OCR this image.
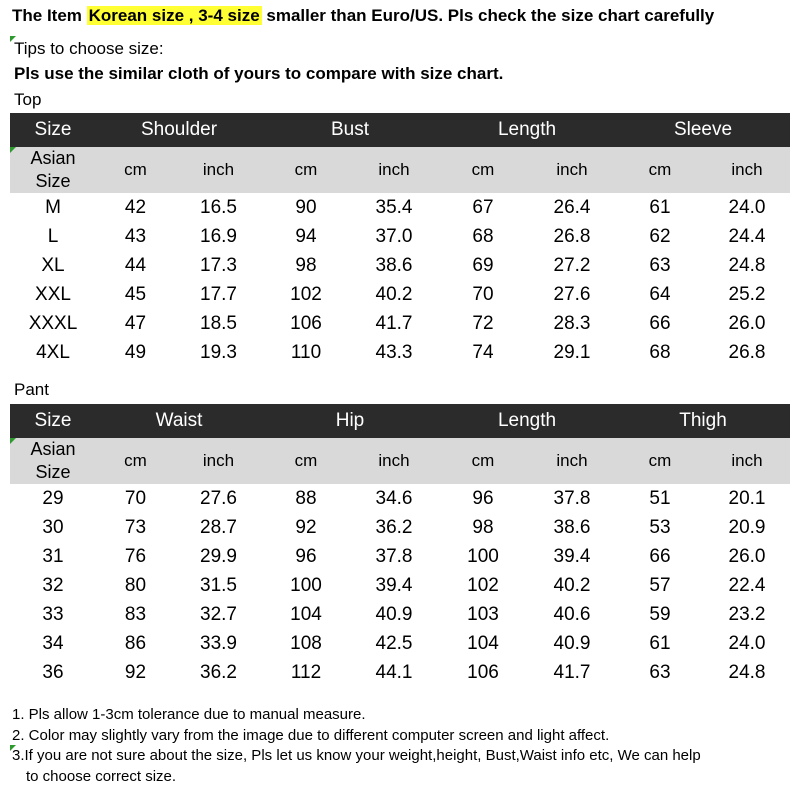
The Item Korean size , 3-4 size smaller than Euro/US. Pls check the size chart carefully
Tips to choose size:
Pls use the similar cloth of yours to compare with size chart.
Top
Size	Shoulder	Bust	Length	Sleeve
Asian
Size
cm	inch	cm	inch	cm	inch	cm	inch
M	42	16.5	90	35.4	67	26.4	61	24.0
L	43	16.9	94	37.0	68	26.8	62	24.4
XL	44	17.3	98	38.6	69	27.2	63	24.8
XXL	45	17.7	102	40.2	70	27.6	64	25.2
XXXL	47	18.5	106	41.7	72	28.3	66	26.0
4XL	49	19.3	110	43.3	74	29.1	68	26.8
Pant
Size	Waist	Hip	Length	Thigh
Asian
Size
cm	inch	cm	inch	cm	inch	cm	inch
29	70	27.6	88	34.6	96	37.8	51	20.1
30	73	28.7	92	36.2	98	38.6	53	20.9
31	76	29.9	96	37.8	100	39.4	66	26.0
32	80	31.5	100	39.4	102	40.2	57	22.4
33	83	32.7	104	40.9	103	40.6	59	23.2
34	86	33.9	108	42.5	104	40.9	61	24.0
36	92	36.2	112	44.1	106	41.7	63	24.8
1. Pls allow 1-3cm tolerance due to manual measure.
2. Color may slightly vary from the image due to different computer screen and light affect.
3.If you are not sure about the size, Pls let us know your weight,height, Bust,Waist info etc, We can help
to choose correct size.
